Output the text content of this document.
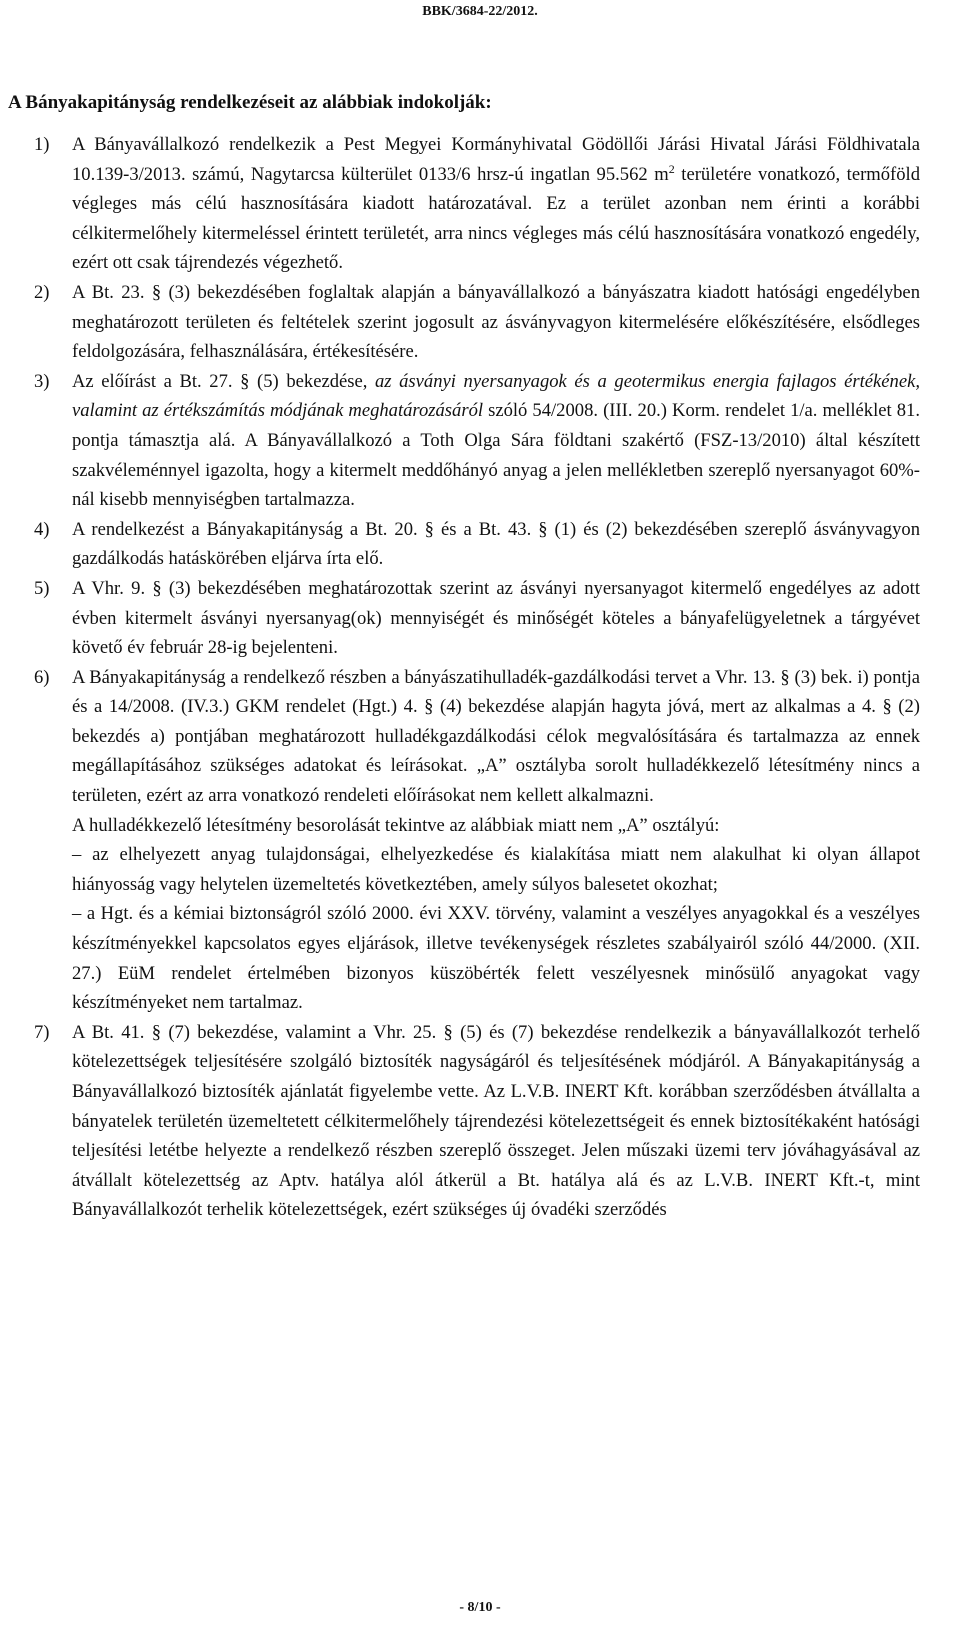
BBK/3684-22/2012.
A Bányakapitányság rendelkezéseit az alábbiak indokolják:
1)	A Bányavállalkozó rendelkezik a Pest Megyei Kormányhivatal Gödöllői Járási Hivatal Járási Földhivatala 10.139-3/2013. számú, Nagytarcsa külterület 0133/6 hrsz-ú ingatlan 95.562 $m^2$ területére vonatkozó, termőföld végleges más célú hasznosítására kiadott határozatával. Ez a terület azonban nem érinti a korábbi célkitermelőhely kitermeléssel érintett területét, arra nincs végleges más célú hasznosítására vonatkozó engedély, ezért ott csak tájrendezés végezhető.
2)	A Bt. 23. § (3) bekezdésében foglaltak alapján a bányavállalkozó a bányászatra kiadott hatósági engedélyben meghatározott területen és feltételek szerint jogosult az ásványvagyon kitermelésére előkészítésére, elsődleges feldolgozására, felhasználására, értékesítésére.
3)	Az előírást a Bt. 27. § (5) bekezdése, az ásványi nyersanyagok és a geotermikus energia fajlagos értékének, valamint az értékszámítás módjának meghatározásáról szóló 54/2008. (III. 20.) Korm. rendelet 1/a. melléklet 81. pontja támasztja alá. A Bányavállalkozó a Toth Olga Sára földtani szakértő (FSZ-13/2010) által készített szakvéleménnyel igazolta, hogy a kitermelt meddőhányó anyag a jelen mellékletben szereplő nyersanyagot 60%-nál kisebb mennyiségben tartalmazza.
4)	A rendelkezést a Bányakapitányság a Bt. 20. § és a Bt. 43. § (1) és (2) bekezdésében szereplő ásványvagyon gazdálkodás hatáskörében eljárva írta elő.
5)	A Vhr. 9. § (3) bekezdésében meghatározottak szerint az ásványi nyersanyagot kitermelő engedélyes az adott évben kitermelt ásványi nyersanyag(ok) mennyiségét és minőségét köteles a bányafelügyeletnek a tárgyévet követő év február 28-ig bejelenteni.
6)	A Bányakapitányság a rendelkező részben a bányászatihulladék-gazdálkodási tervet a Vhr. 13. § (3) bek. i) pontja és a 14/2008. (IV.3.) GKM rendelet (Hgt.) 4. § (4) bekezdése alapján hagyta jóvá, mert az alkalmas a 4. § (2) bekezdés a) pontjában meghatározott hulladékgazdálkodási célok megvalósítására és tartalmazza az ennek megállapításához szükséges adatokat és leírásokat. „A” osztályba sorolt hulladékkezelő létesítmény nincs a területen, ezért az arra vonatkozó rendeleti előírásokat nem kellett alkalmazni.

A hulladékkezelő létesítmény besorolását tekintve az alábbiak miatt nem „A” osztályú:

– az elhelyezett anyag tulajdonságai, elhelyezkedése és kialakítása miatt nem alakulhat ki olyan állapot hiányosság vagy helytelen üzemeltetés következtében, amely súlyos balesetet okozhat;

– a Hgt. és a kémiai biztonságról szóló 2000. évi XXV. törvény, valamint a veszélyes anyagokkal és a veszélyes készítményekkel kapcsolatos egyes eljárások, illetve tevékenységek részletes szabályairól szóló 44/2000. (XII. 27.) EüM rendelet értelmében bizonyos küszöbérték felett veszélyesnek minősülő anyagokat vagy készítményeket nem tartalmaz.

7)	A Bt. 41. § (7) bekezdése, valamint a Vhr. 25. § (5) és (7) bekezdése rendelkezik a bányavállalkozót terhelő kötelezettségek teljesítésére szolgáló biztosíték nagyságáról és teljesítésének módjáról. A Bányakapitányság a Bányavállalkozó biztosíték ajánlatát figyelembe vette. Az L.V.B. INERT Kft. korábban szerződésben átvállalta a bányatelek területén üzemeltetett célkitermelőhely tájrendezési kötelezettségeit és ennek biztosítékaként hatósági teljesítési letétbe helyezte a rendelkező részben szereplő összeget. Jelen műszaki üzemi terv jóváhagyásával az átvállalt kötelezettség az Aptv. hatálya alól átkerül a Bt. hatálya alá és az L.V.B. INERT Kft.-t, mint Bányavállalkozót terhelik kötelezettségek, ezért szükséges új óvadéki szerződés
- 8/10 -
